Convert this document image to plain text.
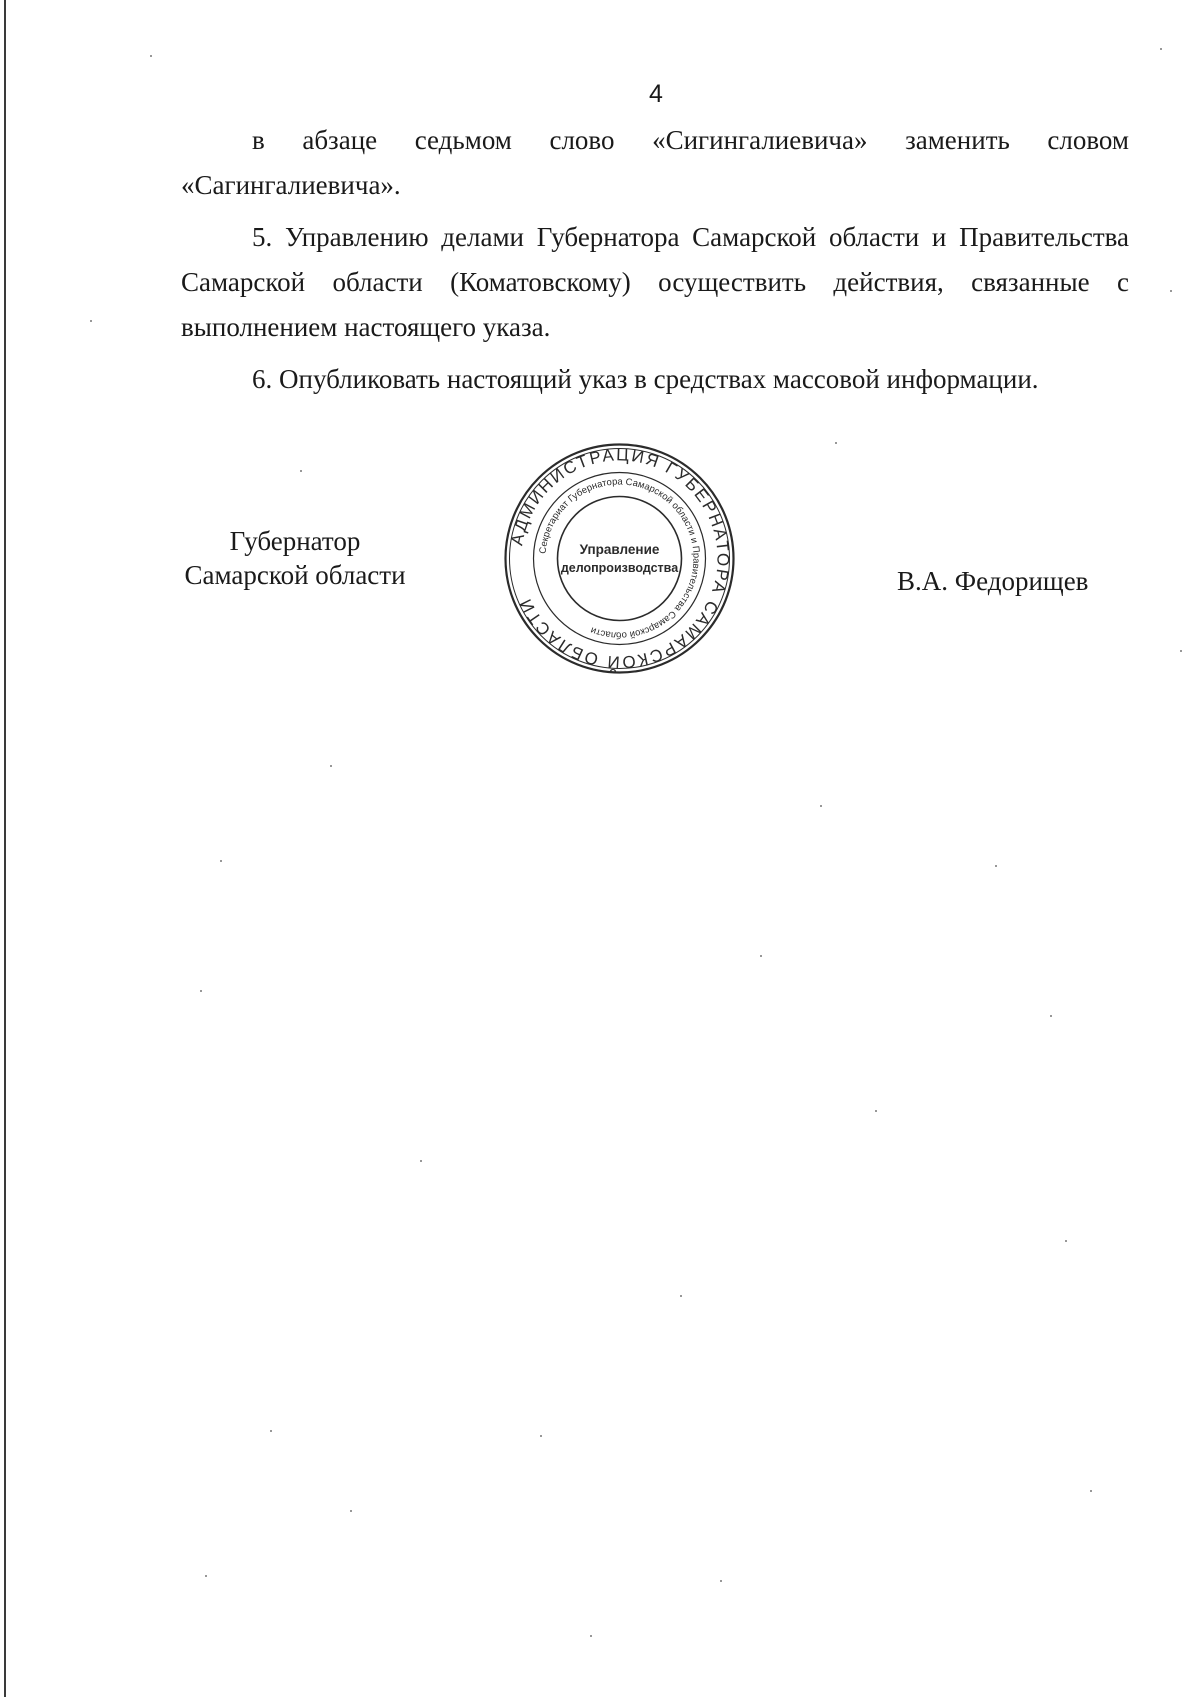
4

в абзаце седьмом слово «Сигингалиевича» заменить словом «Сагингалиевича».

5. Управлению делами Губернатора Самарской области и Правительства Самарской области (Коматовскому) осуществить действия, связанные с выполнением настоящего указа.

6. Опубликовать настоящий указ в средствах массовой информации.

Губернатор
Самарской области
АДМИНИСТРАЦИЯ ГУБЕРНАТОРА САМАРСКОЙ ОБЛАСТИ
Секретариат Губернатора Самарской области и Правительства Самарской области
Управление
делопроизводства	В.А. Федорищев
